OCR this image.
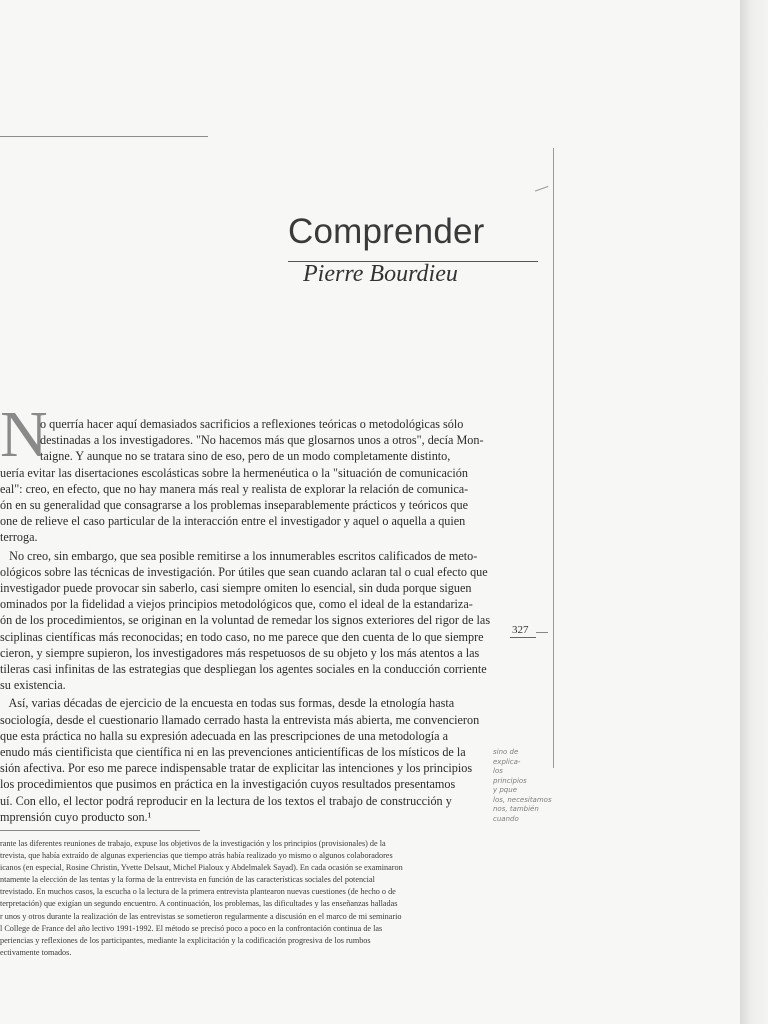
Comprender
Pierre Bourdieu
N

o querría hacer aquí demasiados sacrificios a reflexiones teóricas o metodológicas sólo
destinadas a los investigadores. "No hacemos más que glosarnos unos a otros", decía Mon-
taigne. Y aunque no se tratara sino de eso, pero de un modo completamente distinto,
uería evitar las disertaciones escolásticas sobre la hermenéutica o la "situación de comunicación
eal": creo, en efecto, que no hay manera más real y realista de explorar la relación de comunica-
ón en su generalidad que consagrarse a los problemas inseparablemente prácticos y teóricos que
one de relieve el caso particular de la interacción entre el investigador y aquel o aquella a quien
terroga.

No creo, sin embargo, que sea posible remitirse a los innumerables escritos calificados de meto-
ológicos sobre las técnicas de investigación. Por útiles que sean cuando aclaran tal o cual efecto que
investigador puede provocar sin saberlo, casi siempre omiten lo esencial, sin duda porque siguen
ominados por la fidelidad a viejos principios metodológicos que, como el ideal de la estandariza-
ón de los procedimientos, se originan en la voluntad de remedar los signos exteriores del rigor de las
sciplinas científicas más reconocidas; en todo caso, no me parece que den cuenta de lo que siempre
cieron, y siempre supieron, los investigadores más respetuosos de su objeto y los más atentos a las
tileras casi infinitas de las estrategias que despliegan los agentes sociales en la conducción corriente
su existencia.

Así, varias décadas de ejercicio de la encuesta en todas sus formas, desde la etnología hasta
sociología, desde el cuestionario llamado cerrado hasta la entrevista más abierta, me convencieron
que esta práctica no halla su expresión adecuada en las prescripciones de una metodología a
enudo más cientificista que científica ni en las prevenciones anticientíficas de los místicos de la
sión afectiva. Por eso me parece indispensable tratar de explicitar las intenciones y los principios
los procedimientos que pusimos en práctica en la investigación cuyos resultados presentamos
uí. Con ello, el lector podrá reproducir en la lectura de los textos el trabajo de construcción y
mprensión cuyo producto son.¹

327
rante las diferentes reuniones de trabajo, expuse los objetivos de la investigación y los principios (provisionales) de la
trevista, que había extraído de algunas experiencias que tiempo atrás había realizado yo mismo o algunos colaboradores
icanos (en especial, Rosine Christin, Yvette Delsaut, Michel Pialoux y Abdelmalek Sayad). En cada ocasión se examinaron
ntamente la elección de las tentas y la forma de la entrevista en función de las características sociales del potencial
trevistado. En muchos casos, la escucha o la lectura de la primera entrevista plantearon nuevas cuestiones (de hecho o de
terpretación) que exigían un segundo encuentro. A continuación, los problemas, las dificultades y las enseñanzas halladas
r unos y otros durante la realización de las entrevistas se sometieron regularmente a discusión en el marco de mi seminario
l College de France del año lectivo 1991-1992. El método se precisó poco a poco en la confrontación continua de las
periencias y reflexiones de los participantes, mediante la explicitación y la codificación progresiva de los rumbos
ectivamente tomados.
sino de
explica-
los
principios
y pque
los, necesitamos
nos, también
cuando
